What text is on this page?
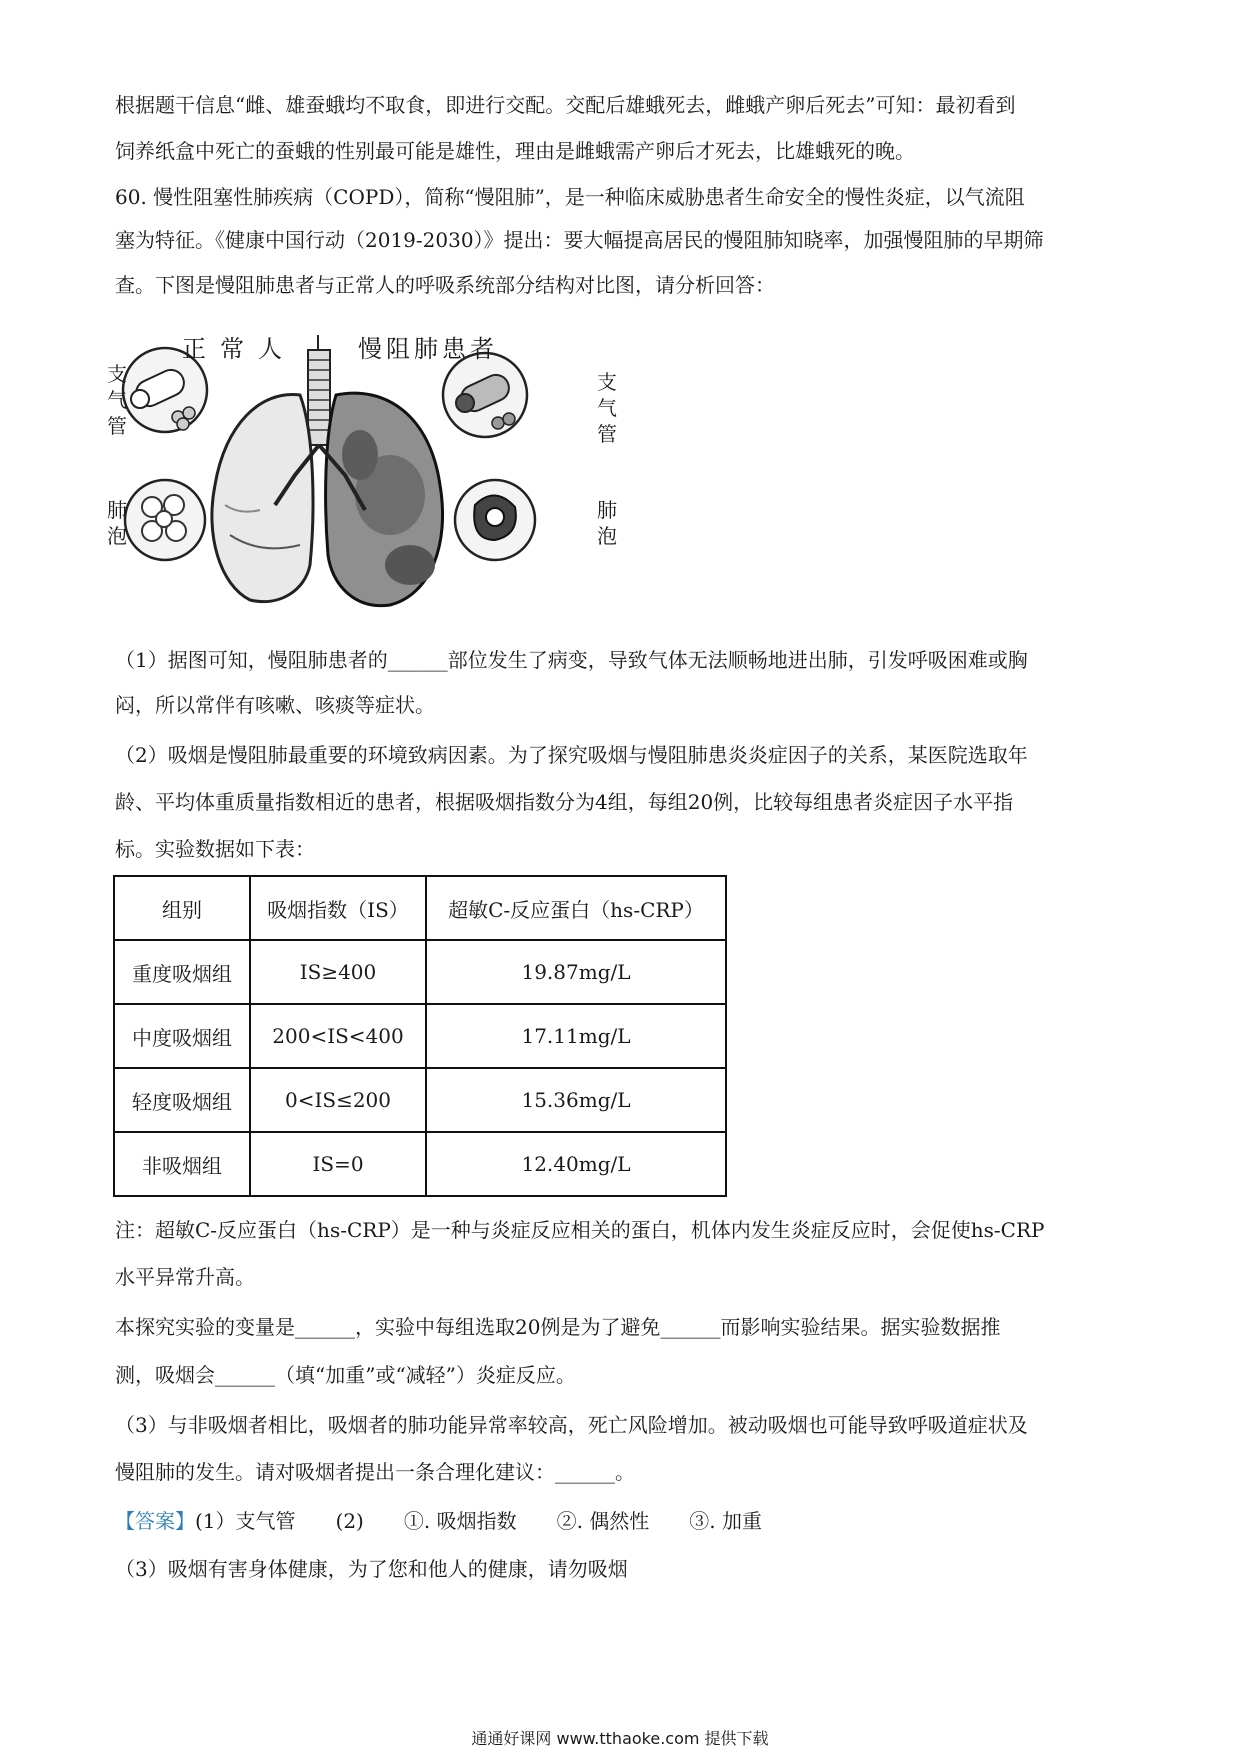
根据题干信息“雌、雄蚕蛾均不取食，即进行交配。交配后雄蛾死去，雌蛾产卵后死去”可知：最初看到
饲养纸盒中死亡的蚕蛾的性别最可能是雄性，理由是雌蛾需产卵后才死去，比雄蛾死的晚。
60. 慢性阻塞性肺疾病（COPD），简称“慢阻肺”，是一种临床威胁患者生命安全的慢性炎症，以气流阻
塞为特征。《健康中国行动（2019-2030）》提出：要大幅提高居民的慢阻肺知晓率，加强慢阻肺的早期筛
查。下图是慢阻肺患者与正常人的呼吸系统部分结构对比图，请分析回答：
正常人	慢阻肺患者
支气管
肺泡
支气管
肺泡
（1）据图可知，慢阻肺患者的______部位发生了病变，导致气体无法顺畅地进出肺，引发呼吸困难或胸
闷，所以常伴有咳嗽、咳痰等症状。
（2）吸烟是慢阻肺最重要的环境致病因素。为了探究吸烟与慢阻肺患炎炎症因子的关系，某医院选取年
龄、平均体重质量指数相近的患者，根据吸烟指数分为4组，每组20例，比较每组患者炎症因子水平指
标。实验数据如下表：
组别	吸烟指数（IS）	超敏C-反应蛋白（hs-CRP）
重度吸烟组	IS≥400	19.87mg/L
中度吸烟组	200<IS<400	17.11mg/L
轻度吸烟组	0<IS≤200	15.36mg/L
非吸烟组	IS=0	12.40mg/L
注：超敏C-反应蛋白（hs-CRP）是一种与炎症反应相关的蛋白，机体内发生炎症反应时，会促使hs-CRP
水平异常升高。
本探究实验的变量是______，实验中每组选取20例是为了避免______而影响实验结果。据实验数据推
测，吸烟会______（填“加重”或“减轻”）炎症反应。
（3）与非吸烟者相比，吸烟者的肺功能异常率较高，死亡风险增加。被动吸烟也可能导致呼吸道症状及
慢阻肺的发生。请对吸烟者提出一条合理化建议：______。
【答案】(1）支气管　　(2)　　①. 吸烟指数　　②. 偶然性　　③. 加重
（3）吸烟有害身体健康，为了您和他人的健康，请勿吸烟
通通好课网 www.tthaoke.com 提供下载
